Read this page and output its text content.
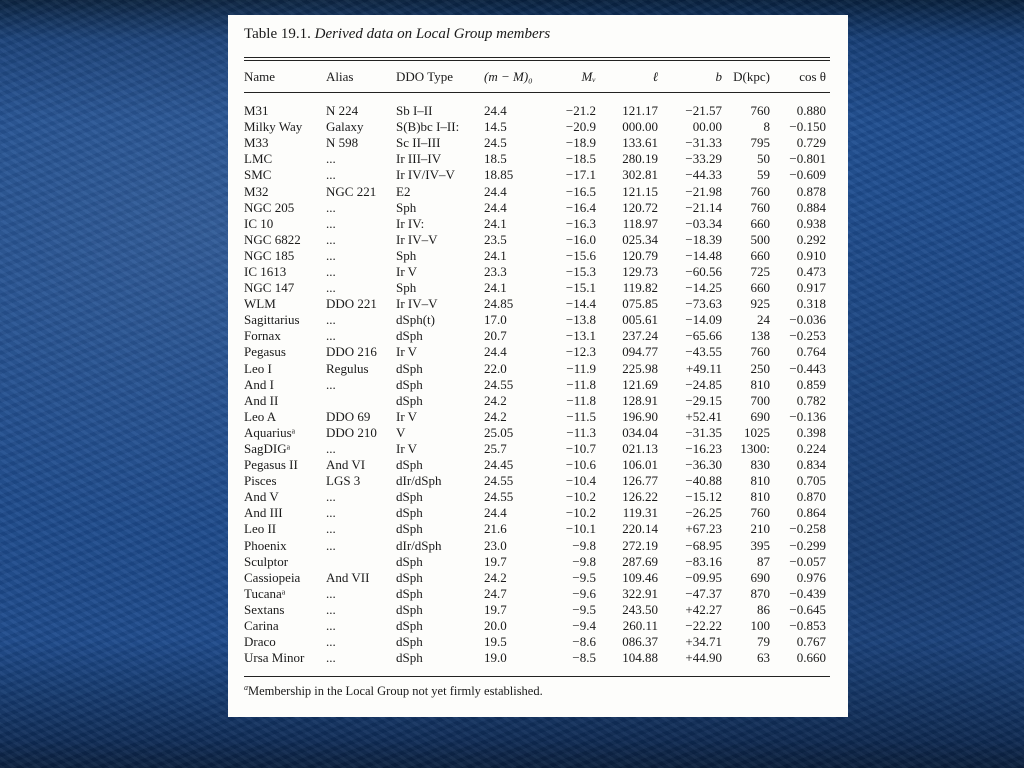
Table 19.1. Derived data on Local Group members
Name	Alias	DDO Type	(m − M)₀	Mᵥ	ℓ	b	D(kpc)	cos θ

M31	N 224	Sb I–II	24.4	−21.2	121.17	−21.57	760	0.880
Milky Way	Galaxy	S(B)bc I–II:	14.5	−20.9	000.00	00.00	8	−0.150
M33	N 598	Sc II–III	24.5	−18.9	133.61	−31.33	795	0.729
LMC	...	Ir III–IV	18.5	−18.5	280.19	−33.29	50	−0.801
SMC	...	Ir IV/IV–V	18.85	−17.1	302.81	−44.33	59	−0.609
M32	NGC 221	E2	24.4	−16.5	121.15	−21.98	760	0.878
NGC 205	...	Sph	24.4	−16.4	120.72	−21.14	760	0.884
IC 10	...	Ir IV:	24.1	−16.3	118.97	−03.34	660	0.938
NGC 6822	...	Ir IV–V	23.5	−16.0	025.34	−18.39	500	0.292
NGC 185	...	Sph	24.1	−15.6	120.79	−14.48	660	0.910
IC 1613	...	Ir V	23.3	−15.3	129.73	−60.56	725	0.473
NGC 147	...	Sph	24.1	−15.1	119.82	−14.25	660	0.917
WLM	DDO 221	Ir IV–V	24.85	−14.4	075.85	−73.63	925	0.318
Sagittarius	...	dSph(t)	17.0	−13.8	005.61	−14.09	24	−0.036
Fornax	...	dSph	20.7	−13.1	237.24	−65.66	138	−0.253
Pegasus	DDO 216	Ir V	24.4	−12.3	094.77	−43.55	760	0.764
Leo I	Regulus	dSph	22.0	−11.9	225.98	+49.11	250	−0.443
And I	...	dSph	24.55	−11.8	121.69	−24.85	810	0.859
And II		dSph	24.2	−11.8	128.91	−29.15	700	0.782
Leo A	DDO 69	Ir V	24.2	−11.5	196.90	+52.41	690	−0.136
Aquariusᵃ	DDO 210	V	25.05	−11.3	034.04	−31.35	1025	0.398
SagDIGᵃ	...	Ir V	25.7	−10.7	021.13	−16.23	1300:	0.224
Pegasus II	And VI	dSph	24.45	−10.6	106.01	−36.30	830	0.834
Pisces	LGS 3	dIr/dSph	24.55	−10.4	126.77	−40.88	810	0.705
And V	...	dSph	24.55	−10.2	126.22	−15.12	810	0.870
And III	...	dSph	24.4	−10.2	119.31	−26.25	760	0.864
Leo II	...	dSph	21.6	−10.1	220.14	+67.23	210	−0.258
Phoenix	...	dIr/dSph	23.0	−9.8	272.19	−68.95	395	−0.299
Sculptor		dSph	19.7	−9.8	287.69	−83.16	87	−0.057
Cassiopeia	And VII	dSph	24.2	−9.5	109.46	−09.95	690	0.976
Tucanaᵃ	...	dSph	24.7	−9.6	322.91	−47.37	870	−0.439
Sextans	...	dSph	19.7	−9.5	243.50	+42.27	86	−0.645
Carina	...	dSph	20.0	−9.4	260.11	−22.22	100	−0.853
Draco	...	dSph	19.5	−8.6	086.37	+34.71	79	0.767
Ursa Minor	...	dSph	19.0	−8.5	104.88	+44.90	63	0.660
$^a$Membership in the Local Group not yet firmly established.
